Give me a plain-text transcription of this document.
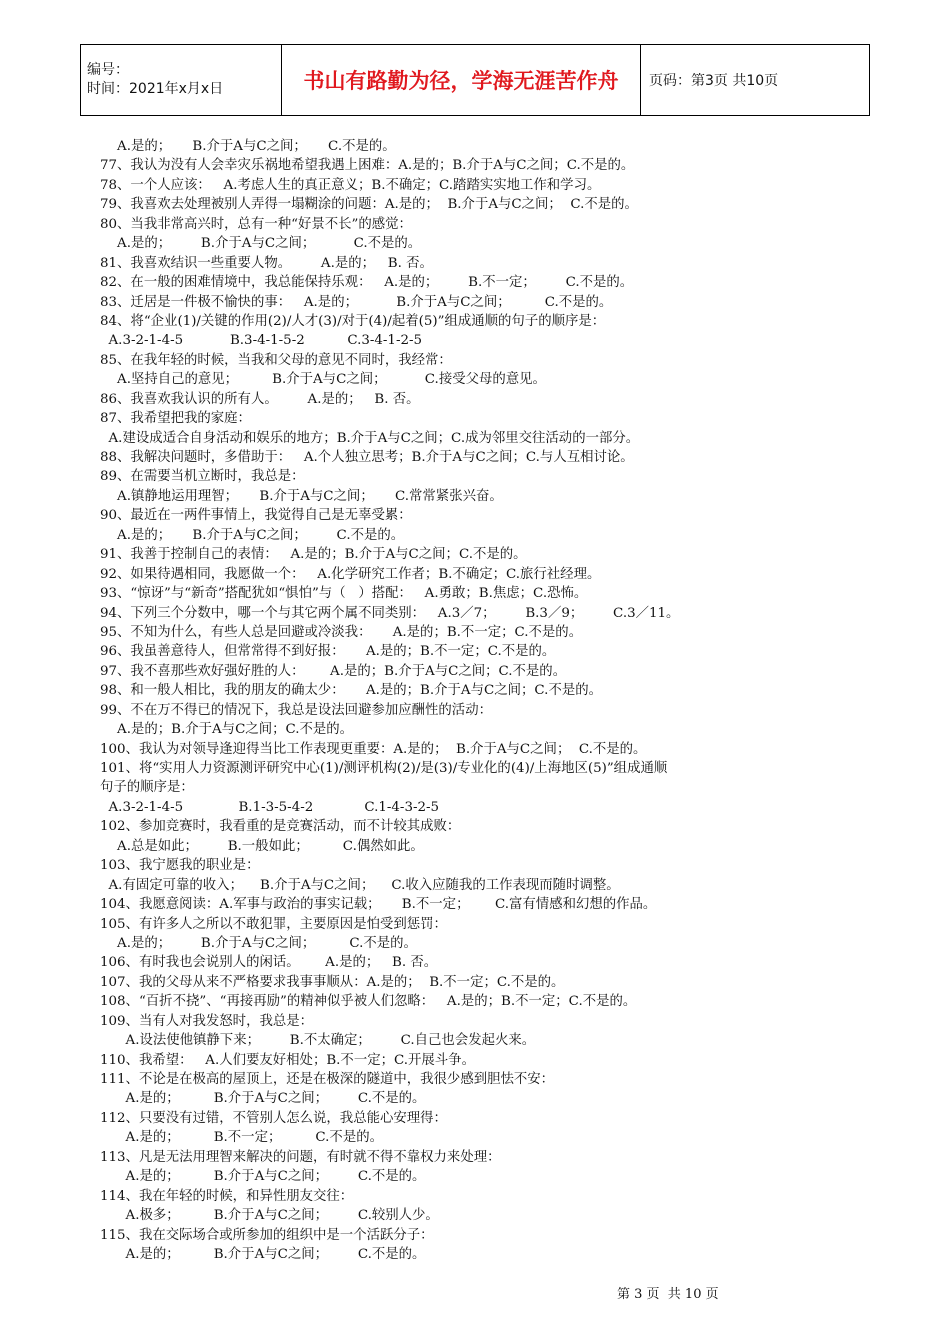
编号：
时间：2021年x月x日	书山有路勤为径，学海无涯苦作舟	页码：第3页 共10页
A.是的；     B.介于A与C之间；     C.不是的。
77、我认为没有人会幸灾乐祸地希望我遇上困难：A.是的；B.介于A与C之间；C.不是的。
78、一个人应该：   A.考虑人生的真正意义；B.不确定；C.踏踏实实地工作和学习。
79、我喜欢去处理被别人弄得一塌糊涂的问题：A.是的；  B.介于A与C之间；  C.不是的。
80、当我非常高兴时，总有一种“好景不长”的感觉：
A.是的；       B.介于A与C之间；         C.不是的。
81、我喜欢结识一些重要人物。       A.是的；   B. 否。
82、在一般的困难情境中，我总能保持乐观：   A.是的；       B.不一定；       C.不是的。
83、迁居是一件极不愉快的事：   A.是的；         B.介于A与C之间；        C.不是的。
84、将“企业(1)/关键的作用(2)/人才(3)/对于(4)/起着(5)”组成通顺的句子的顺序是：
A.3-2-1-4-5           B.3-4-1-5-2          C.3-4-1-2-5
85、在我年轻的时候，当我和父母的意见不同时，我经常：
A.坚持自己的意见；        B.介于A与C之间；         C.接受父母的意见。
86、我喜欢我认识的所有人。       A.是的；   B. 否。
87、我希望把我的家庭：
A.建设成适合自身活动和娱乐的地方；B.介于A与C之间；C.成为邻里交往活动的一部分。
88、我解决问题时，多借助于：   A.个人独立思考；B.介于A与C之间；C.与人互相讨论。
89、在需要当机立断时，我总是：
A.镇静地运用理智；     B.介于A与C之间；     C.常常紧张兴奋。
90、最近在一两件事情上，我觉得自己是无辜受累：
A.是的；     B.介于A与C之间；       C.不是的。
91、我善于控制自己的表情：   A.是的；B.介于A与C之间；C.不是的。
92、如果待遇相同，我愿做一个：   A.化学研究工作者；B.不确定；C.旅行社经理。
93、“惊讶”与“新奇”搭配犹如“惧怕”与（   ）搭配：   A.勇敢；B.焦虑；C.恐怖。
94、下列三个分数中，哪一个与其它两个属不同类别：   A.3／7；       B.3／9；       C.3／11。
95、不知为什么，有些人总是回避或冷淡我：     A.是的；B.不一定；C.不是的。
96、我虽善意待人，但常常得不到好报：     A.是的；B.不一定；C.不是的。
97、我不喜那些欢好强好胜的人：      A.是的；B.介于A与C之间；C.不是的。
98、和一般人相比，我的朋友的确太少：     A.是的；B.介于A与C之间；C.不是的。
99、不在万不得已的情况下，我总是设法回避参加应酬性的活动：
A.是的；B.介于A与C之间；C.不是的。
100、我认为对领导逢迎得当比工作表现更重要：A.是的；  B.介于A与C之间；  C.不是的。
101、将“实用人力资源测评研究中心(1)/测评机构(2)/是(3)/专业化的(4)/上海地区(5)”组成通顺
句子的顺序是：
A.3-2-1-4-5             B.1-3-5-4-2            C.1-4-3-2-5
102、参加竞赛时，我看重的是竞赛活动，而不计较其成败：
A.总是如此；       B.一般如此；        C.偶然如此。
103、我宁愿我的职业是：
A.有固定可靠的收入；    B.介于A与C之间；    C.收入应随我的工作表现而随时调整。
104、我愿意阅读：A.军事与政治的事实记载；     B.不一定；      C.富有情感和幻想的作品。
105、有许多人之所以不敢犯罪，主要原因是怕受到惩罚：
A.是的；       B.介于A与C之间；        C.不是的。
106、有时我也会说别人的闲话。      A.是的；   B. 否。
107、我的父母从来不严格要求我事事顺从：A.是的；  B.不一定；C.不是的。
108、“百折不挠”、“再接再励”的精神似乎被人们忽略：   A.是的；B.不一定；C.不是的。
109、当有人对我发怒时，我总是：
A.设法使他镇静下来；       B.不太确定；       C.自己也会发起火来。
110、我希望：   A.人们要友好相处；B.不一定；C.开展斗争。
111、不论是在极高的屋顶上，还是在极深的隧道中，我很少感到胆怯不安：
A.是的；        B.介于A与C之间；       C.不是的。
112、只要没有过错，不管别人怎么说，我总能心安理得：
A.是的；        B.不一定；        C.不是的。
113、凡是无法用理智来解决的问题，有时就不得不靠权力来处理：
A.是的；        B.介于A与C之间；       C.不是的。
114、我在年轻的时候，和异性朋友交往：
A.极多；        B.介于A与C之间；       C.较别人少。
115、我在交际场合或所参加的组织中是一个活跃分子：
A.是的；        B.介于A与C之间；       C.不是的。
第 3 页  共 10 页
